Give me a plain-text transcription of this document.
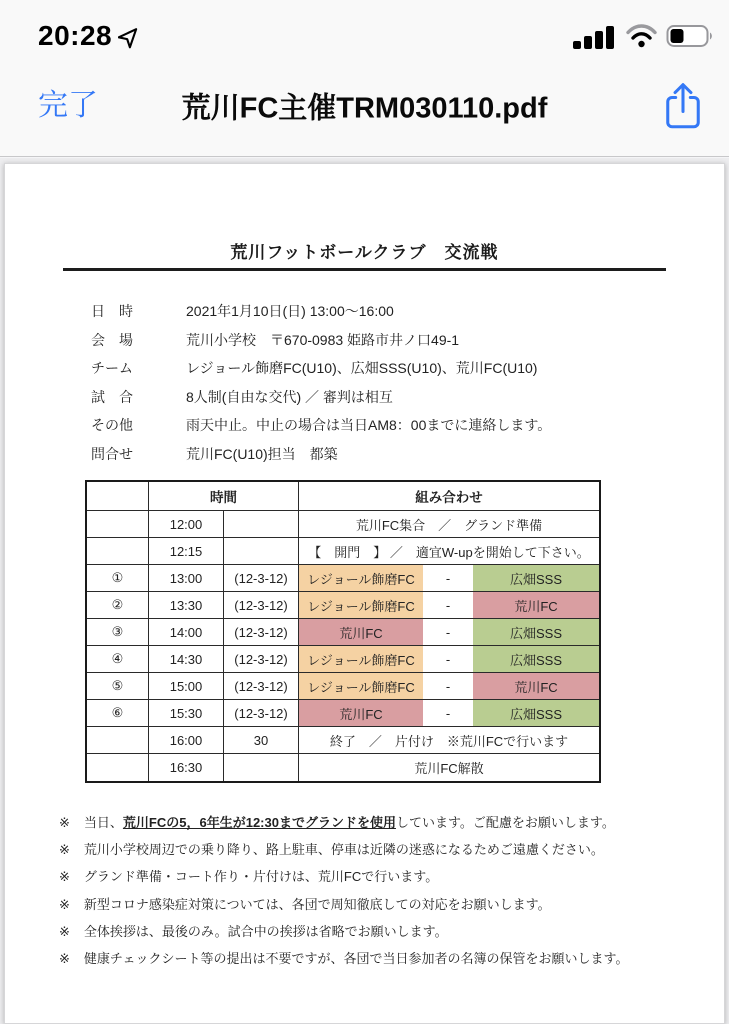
20:28
完了	荒川FC主催TRM030110.pdf
荒川フットボールクラブ　交流戦
日　時	2021年1月10日(日) 13:00～16:00
会　場	荒川小学校　〒670-0983 姫路市井ノ口49-1
チーム	レジョール飾磨FC(U10)、広畑SSS(U10)、荒川FC(U10)
試　合	8人制(自由な交代) ／ 審判は相互
その他	雨天中止。中止の場合は当日AM8：00までに連絡します。
問合せ	荒川FC(U10)担当　都築
	時間		組み合わせ		
	12:00		荒川FC集合　／　グランド準備		
	12:15		【　開門　】 ／　適宜W-upを開始して下さい。		
①	13:00	(12-3-12)	レジョール飾磨FC	-	広畑SSS
②	13:30	(12-3-12)	レジョール飾磨FC	-	荒川FC
③	14:00	(12-3-12)	荒川FC	-	広畑SSS
④	14:30	(12-3-12)	レジョール飾磨FC	-	広畑SSS
⑤	15:00	(12-3-12)	レジョール飾磨FC	-	荒川FC
⑥	15:30	(12-3-12)	荒川FC	-	広畑SSS
	16:00	30	終了　／　片付け　※荒川FCで行います		
	16:30		荒川FC解散		
※ 当日、荒川FCの5，6年生が12:30までグランドを使用しています。ご配慮をお願いします。
※ 荒川小学校周辺での乗り降り、路上駐車、停車は近隣の迷惑になるためご遠慮ください。
※ グランド準備・コート作り・片付けは、荒川FCで行います。
※ 新型コロナ感染症対策については、各団で周知徹底しての対応をお願いします。
※ 全体挨拶は、最後のみ。試合中の挨拶は省略でお願いします。
※ 健康チェックシート等の提出は不要ですが、各団で当日参加者の名簿の保管をお願いします。
